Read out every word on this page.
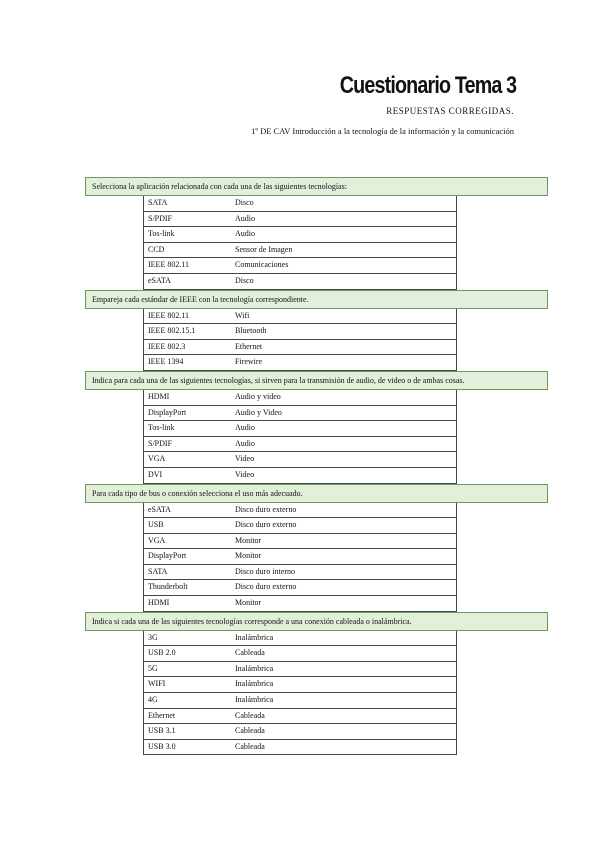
Cuestionario Tema 3
RESPUESTAS CORREGIDAS.
1º DE CAV Introducción a la tecnología de la información y la comunicación
Selecciona la aplicación relacionada con cada una de las siguientes tecnologías:
SATA	Disco
S/PDIF	Audio
Tos-link	Audio
CCD	Sensor de Imagen
IEEE 802.11	Comunicaciones
eSATA	Disco
Empareja cada estándar de IEEE con la tecnología correspondiente.
IEEE 802.11	Wifi
IEEE 802.15.1	Bluetooth
IEEE 802.3	Ethernet
IEEE 1394	Firewire
Indica para cada una de las siguientes tecnologías, si sirven para la transmisión de audio, de video o de ambas cosas.
HDMI	Audio y video
DisplayPort	Audio y Video
Tos-link	Audio
S/PDIF	Audio
VGA	Video
DVI	Video
Para cada tipo de bus o conexión selecciona el uso más adecuado.
eSATA	Disco duro externo
USB	Disco duro externo
VGA	Monitor
DisplayPort	Monitor
SATA	Disco duro interno
Thunderbolt	Disco duro externo
HDMI	Monitor
Indica si cada una de las siguientes tecnologías corresponde a una conexión cableada o inalámbrica.
3G	Inalámbrica
USB 2.0	Cableada
5G	Inalámbrica
WIFI	Inalámbrica
4G	Inalámbrica
Ethernet	Cableada
USB 3.1	Cableada
USB 3.0	Cableada
